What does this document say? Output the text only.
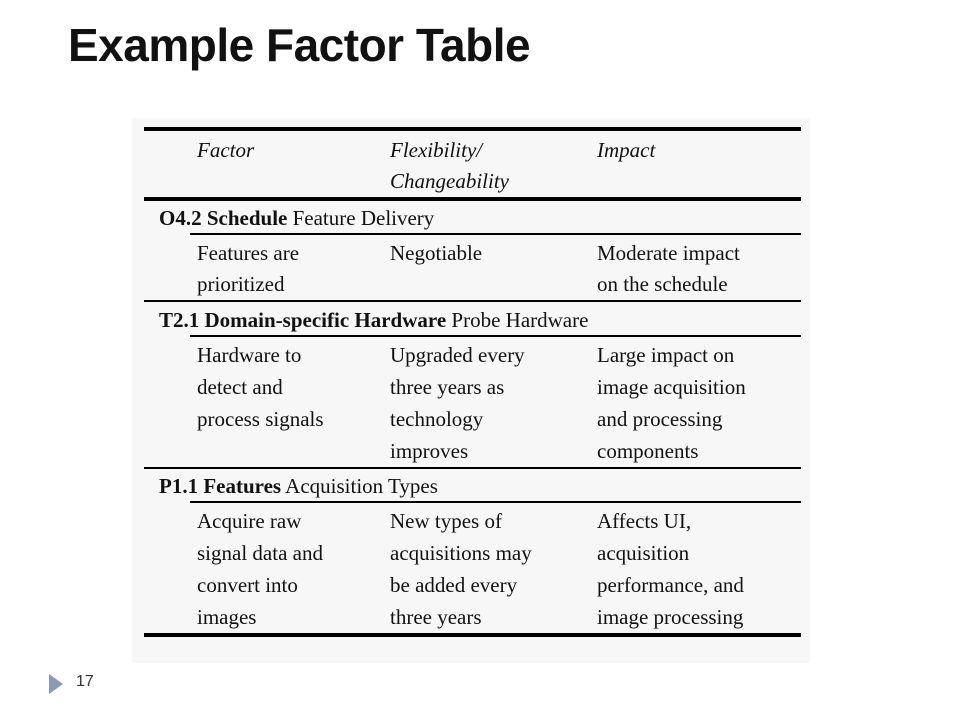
Example Factor Table
Factor	Flexibility/
Changeability
Impact
O4.2 Schedule Feature Delivery
Features are
prioritized
Negotiable	Moderate impact
on the schedule
T2.1 Domain-specific Hardware Probe Hardware
Hardware to
detect and
process signals
Upgraded every
three years as
technology
improves
Large impact on
image acquisition
and processing
components
P1.1 Features Acquisition Types
Acquire raw
signal data and
convert into
images
New types of
acquisitions may
be added every
three years
Affects UI,
acquisition
performance, and
image processing
17
